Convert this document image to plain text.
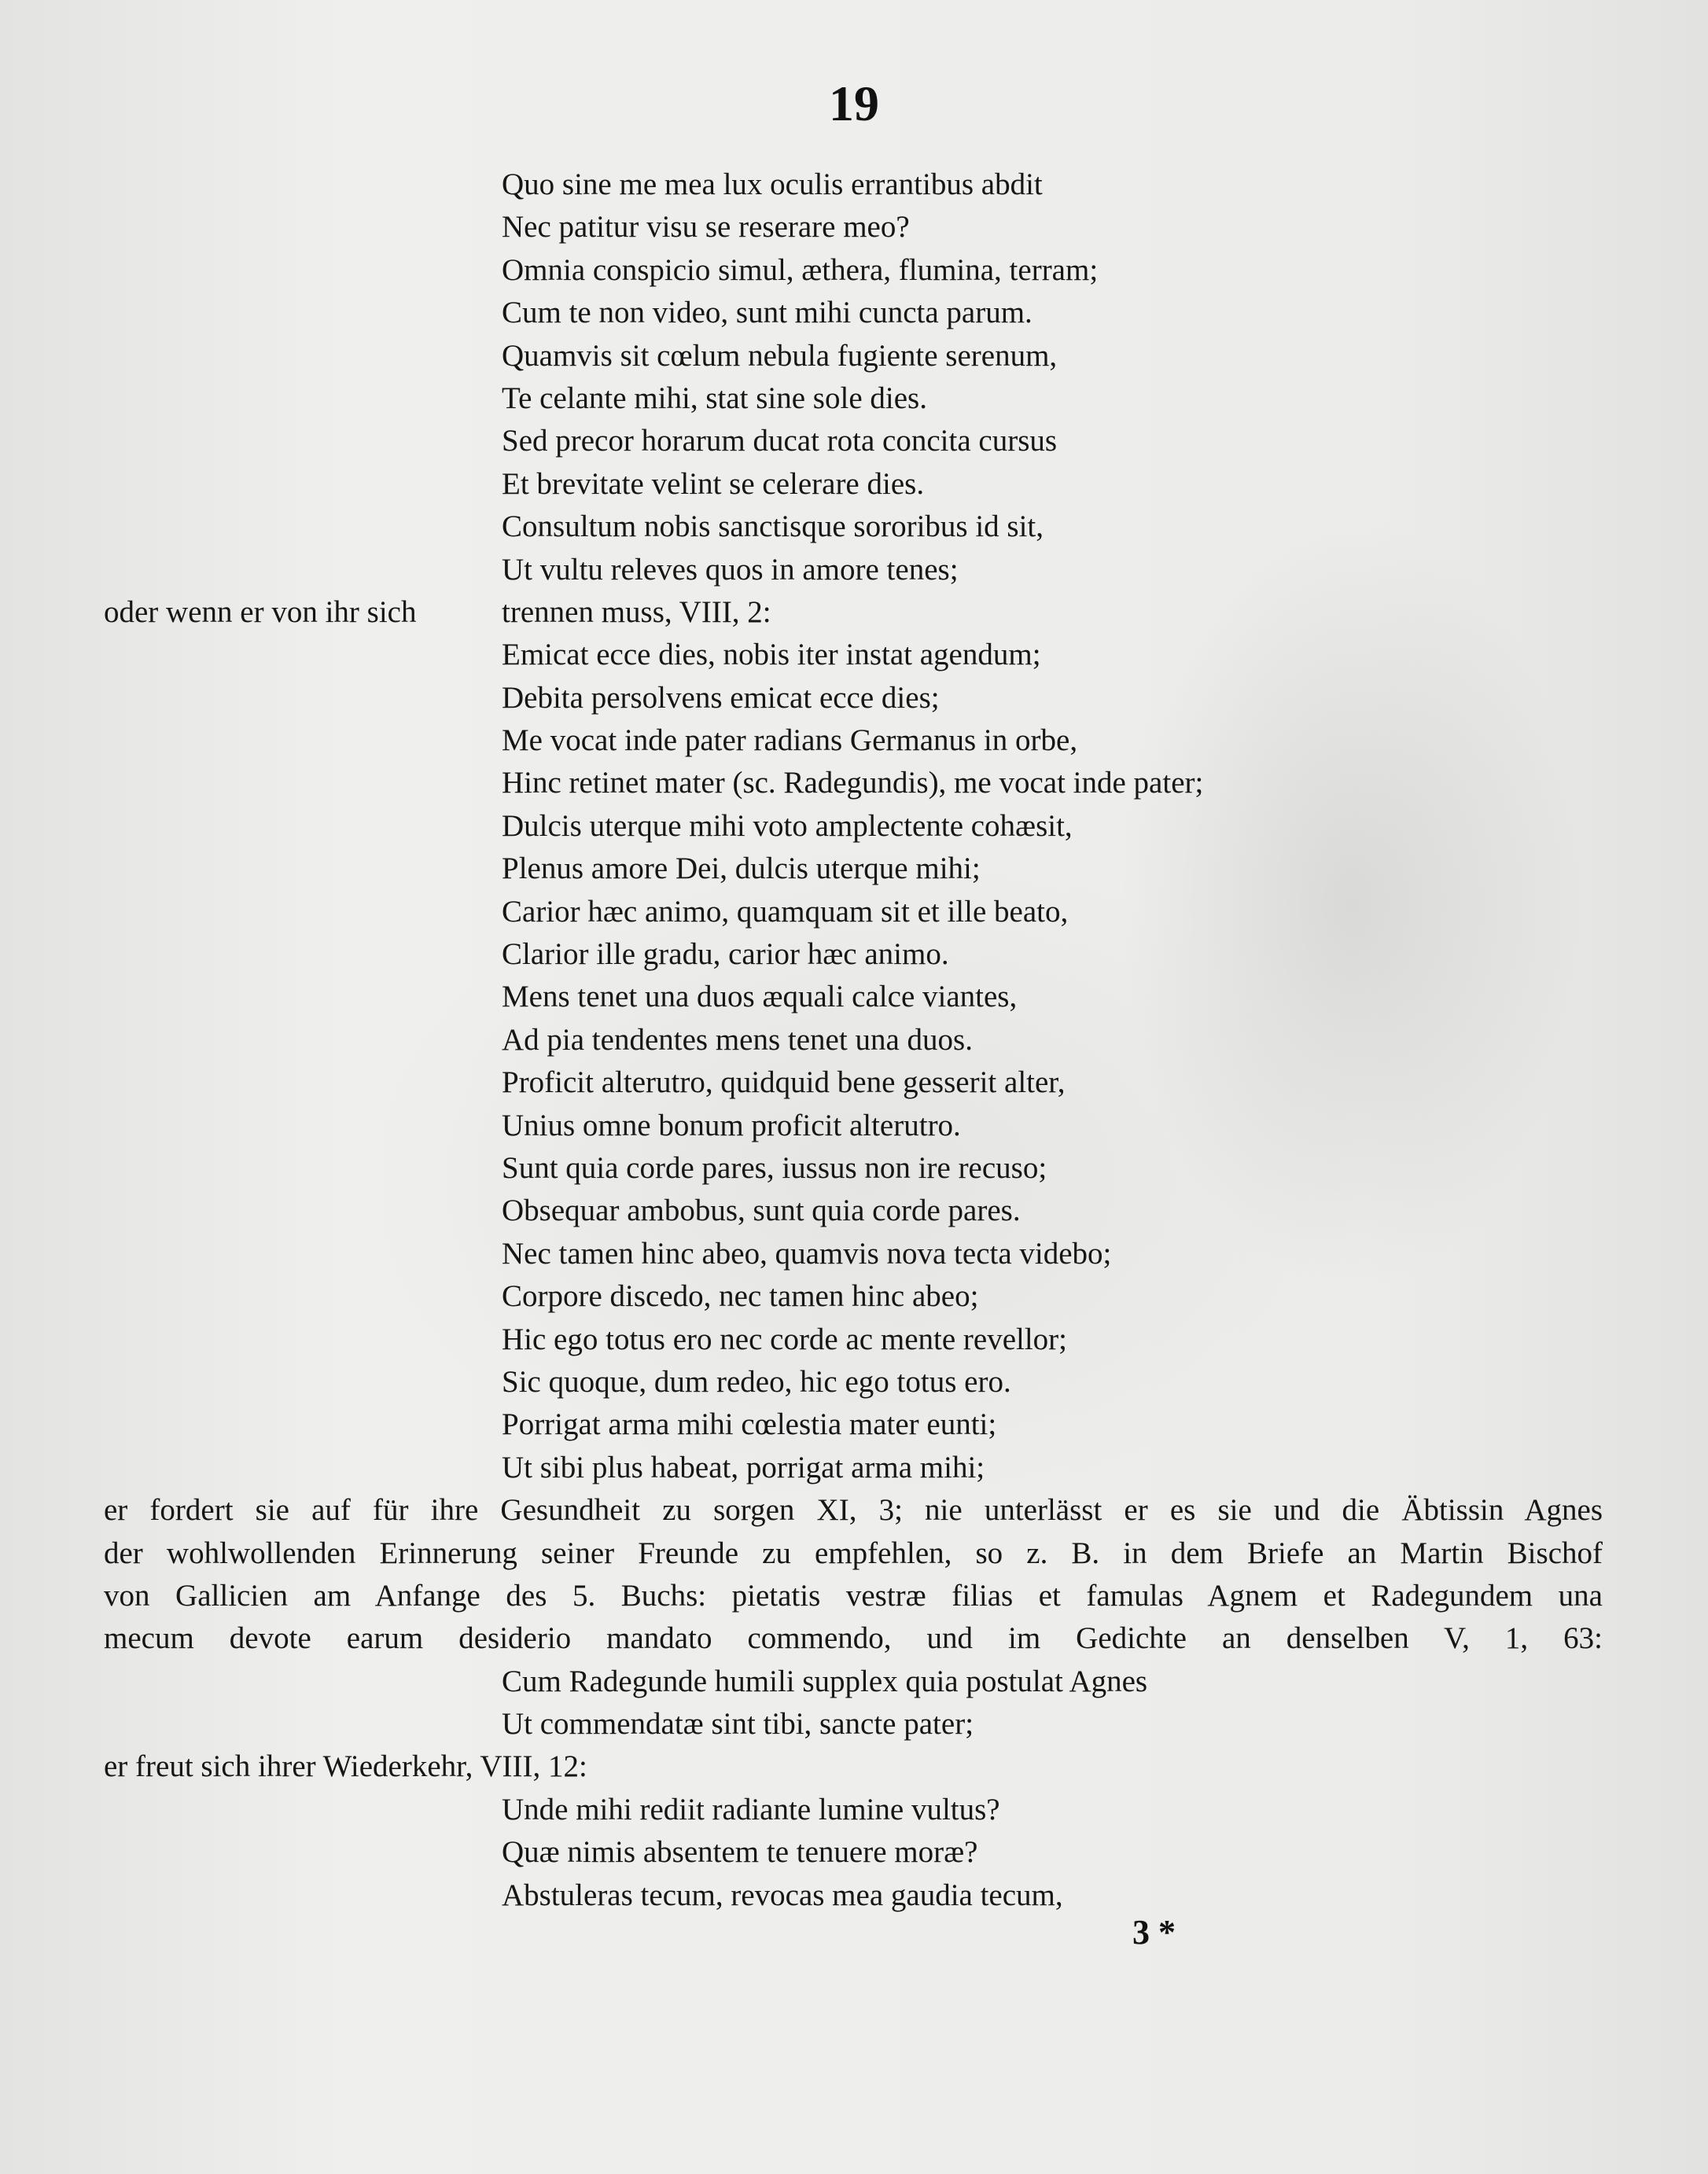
19
Quo sine me mea lux oculis errantibus abdit
Nec patitur visu se reserare meo?
Omnia conspicio simul, æthera, flumina, terram;
Cum te non video, sunt mihi cuncta parum.
Quamvis sit cœlum nebula fugiente serenum,
Te celante mihi, stat sine sole dies.
Sed precor horarum ducat rota concita cursus
Et brevitate velint se celerare dies.
Consultum nobis sanctisque sororibus id sit,
Ut vultu releves quos in amore tenes;
oder wenn er von ihr sich	trennen muss, VIII, 2:
Emicat ecce dies, nobis iter instat agendum;
Debita persolvens emicat ecce dies;
Me vocat inde pater radians Germanus in orbe,
Hinc retinet mater (sc. Radegundis), me vocat inde pater;
Dulcis uterque mihi voto amplectente cohæsit,
Plenus amore Dei, dulcis uterque mihi;
Carior hæc animo, quamquam sit et ille beato,
Clarior ille gradu, carior hæc animo.
Mens tenet una duos æquali calce viantes,
Ad pia tendentes mens tenet una duos.
Proficit alterutro, quidquid bene gesserit alter,
Unius omne bonum proficit alterutro.
Sunt quia corde pares, iussus non ire recuso;
Obsequar ambobus, sunt quia corde pares.
Nec tamen hinc abeo, quamvis nova tecta videbo;
Corpore discedo, nec tamen hinc abeo;
Hic ego totus ero nec corde ac mente revellor;
Sic quoque, dum redeo, hic ego totus ero.
Porrigat arma mihi cœlestia mater eunti;
Ut sibi plus habeat, porrigat arma mihi;
er fordert sie auf für ihre Gesundheit zu sorgen XI, 3; nie unterlässt er es sie und die Äbtissin Agnes
der wohlwollenden Erinnerung seiner Freunde zu empfehlen, so z. B. in dem Briefe an Martin Bischof
von Gallicien am Anfange des 5. Buchs: pietatis vestræ filias et famulas Agnem et Radegundem una
mecum devote earum desiderio mandato commendo, und im Gedichte an denselben V, 1, 63:
Cum Radegunde humili supplex quia postulat Agnes
Ut commendatæ sint tibi, sancte pater;
er freut sich ihrer Wiederkehr, VIII, 12:
Unde mihi rediit radiante lumine vultus?
Quæ nimis absentem te tenuere moræ?
Abstuleras tecum, revocas mea gaudia tecum,
3 *
